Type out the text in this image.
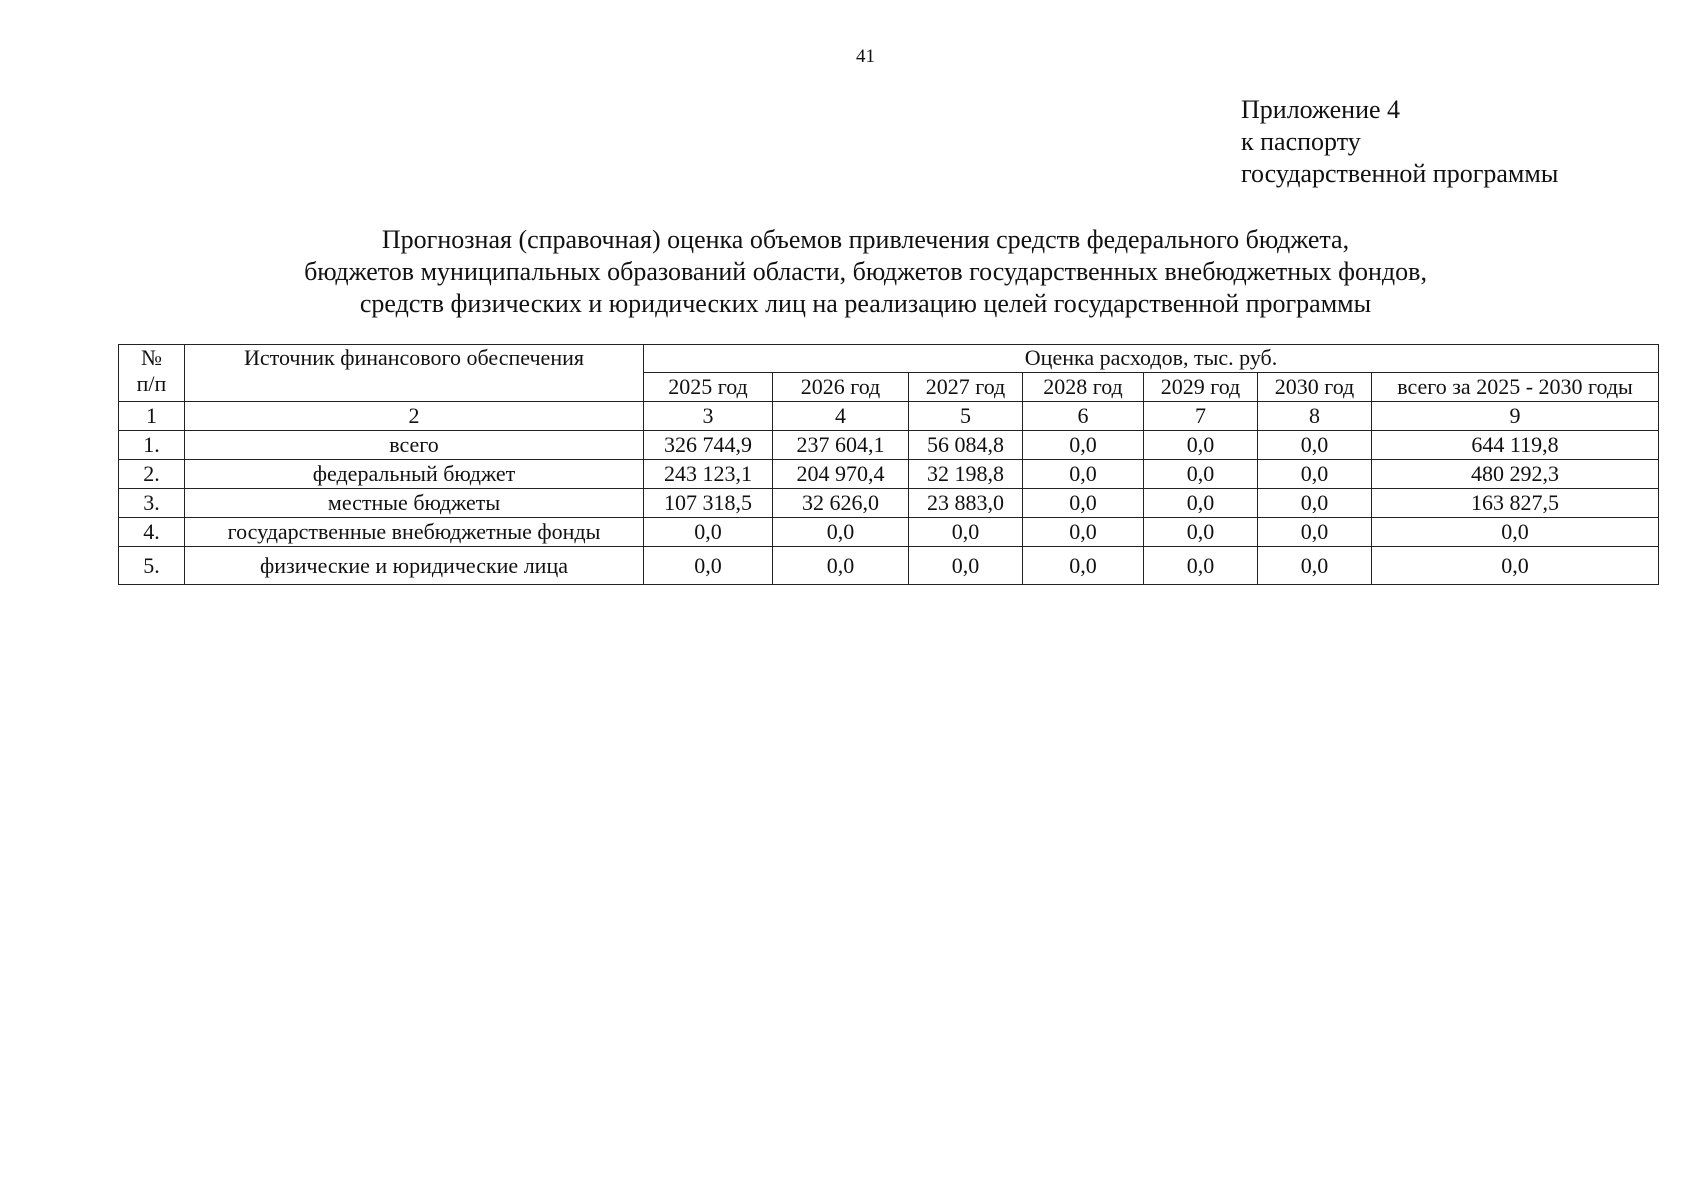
41
Приложение 4
к паспорту
государственной программы
Прогнозная (справочная) оценка объемов привлечения средств федерального бюджета,
бюджетов муниципальных образований области, бюджетов государственных внебюджетных фондов,
средств физических и юридических лиц на реализацию целей государственной программы
№
п/п	Источник финансового обеспечения	Оценка расходов, тыс. руб.						
		2025 год	2026 год	2027 год	2028 год	2029 год	2030 год	всего за 2025 - 2030 годы
1	2	3	4	5	6	7	8	9
1.	всего	326 744,9	237 604,1	56 084,8	0,0	0,0	0,0	644 119,8
2.	федеральный бюджет	243 123,1	204 970,4	32 198,8	0,0	0,0	0,0	480 292,3
3.	местные бюджеты	107 318,5	32 626,0	23 883,0	0,0	0,0	0,0	163 827,5
4.	государственные внебюджетные фонды	0,0	0,0	0,0	0,0	0,0	0,0	0,0
5.	физические и юридические лица	0,0	0,0	0,0	0,0	0,0	0,0	0,0
